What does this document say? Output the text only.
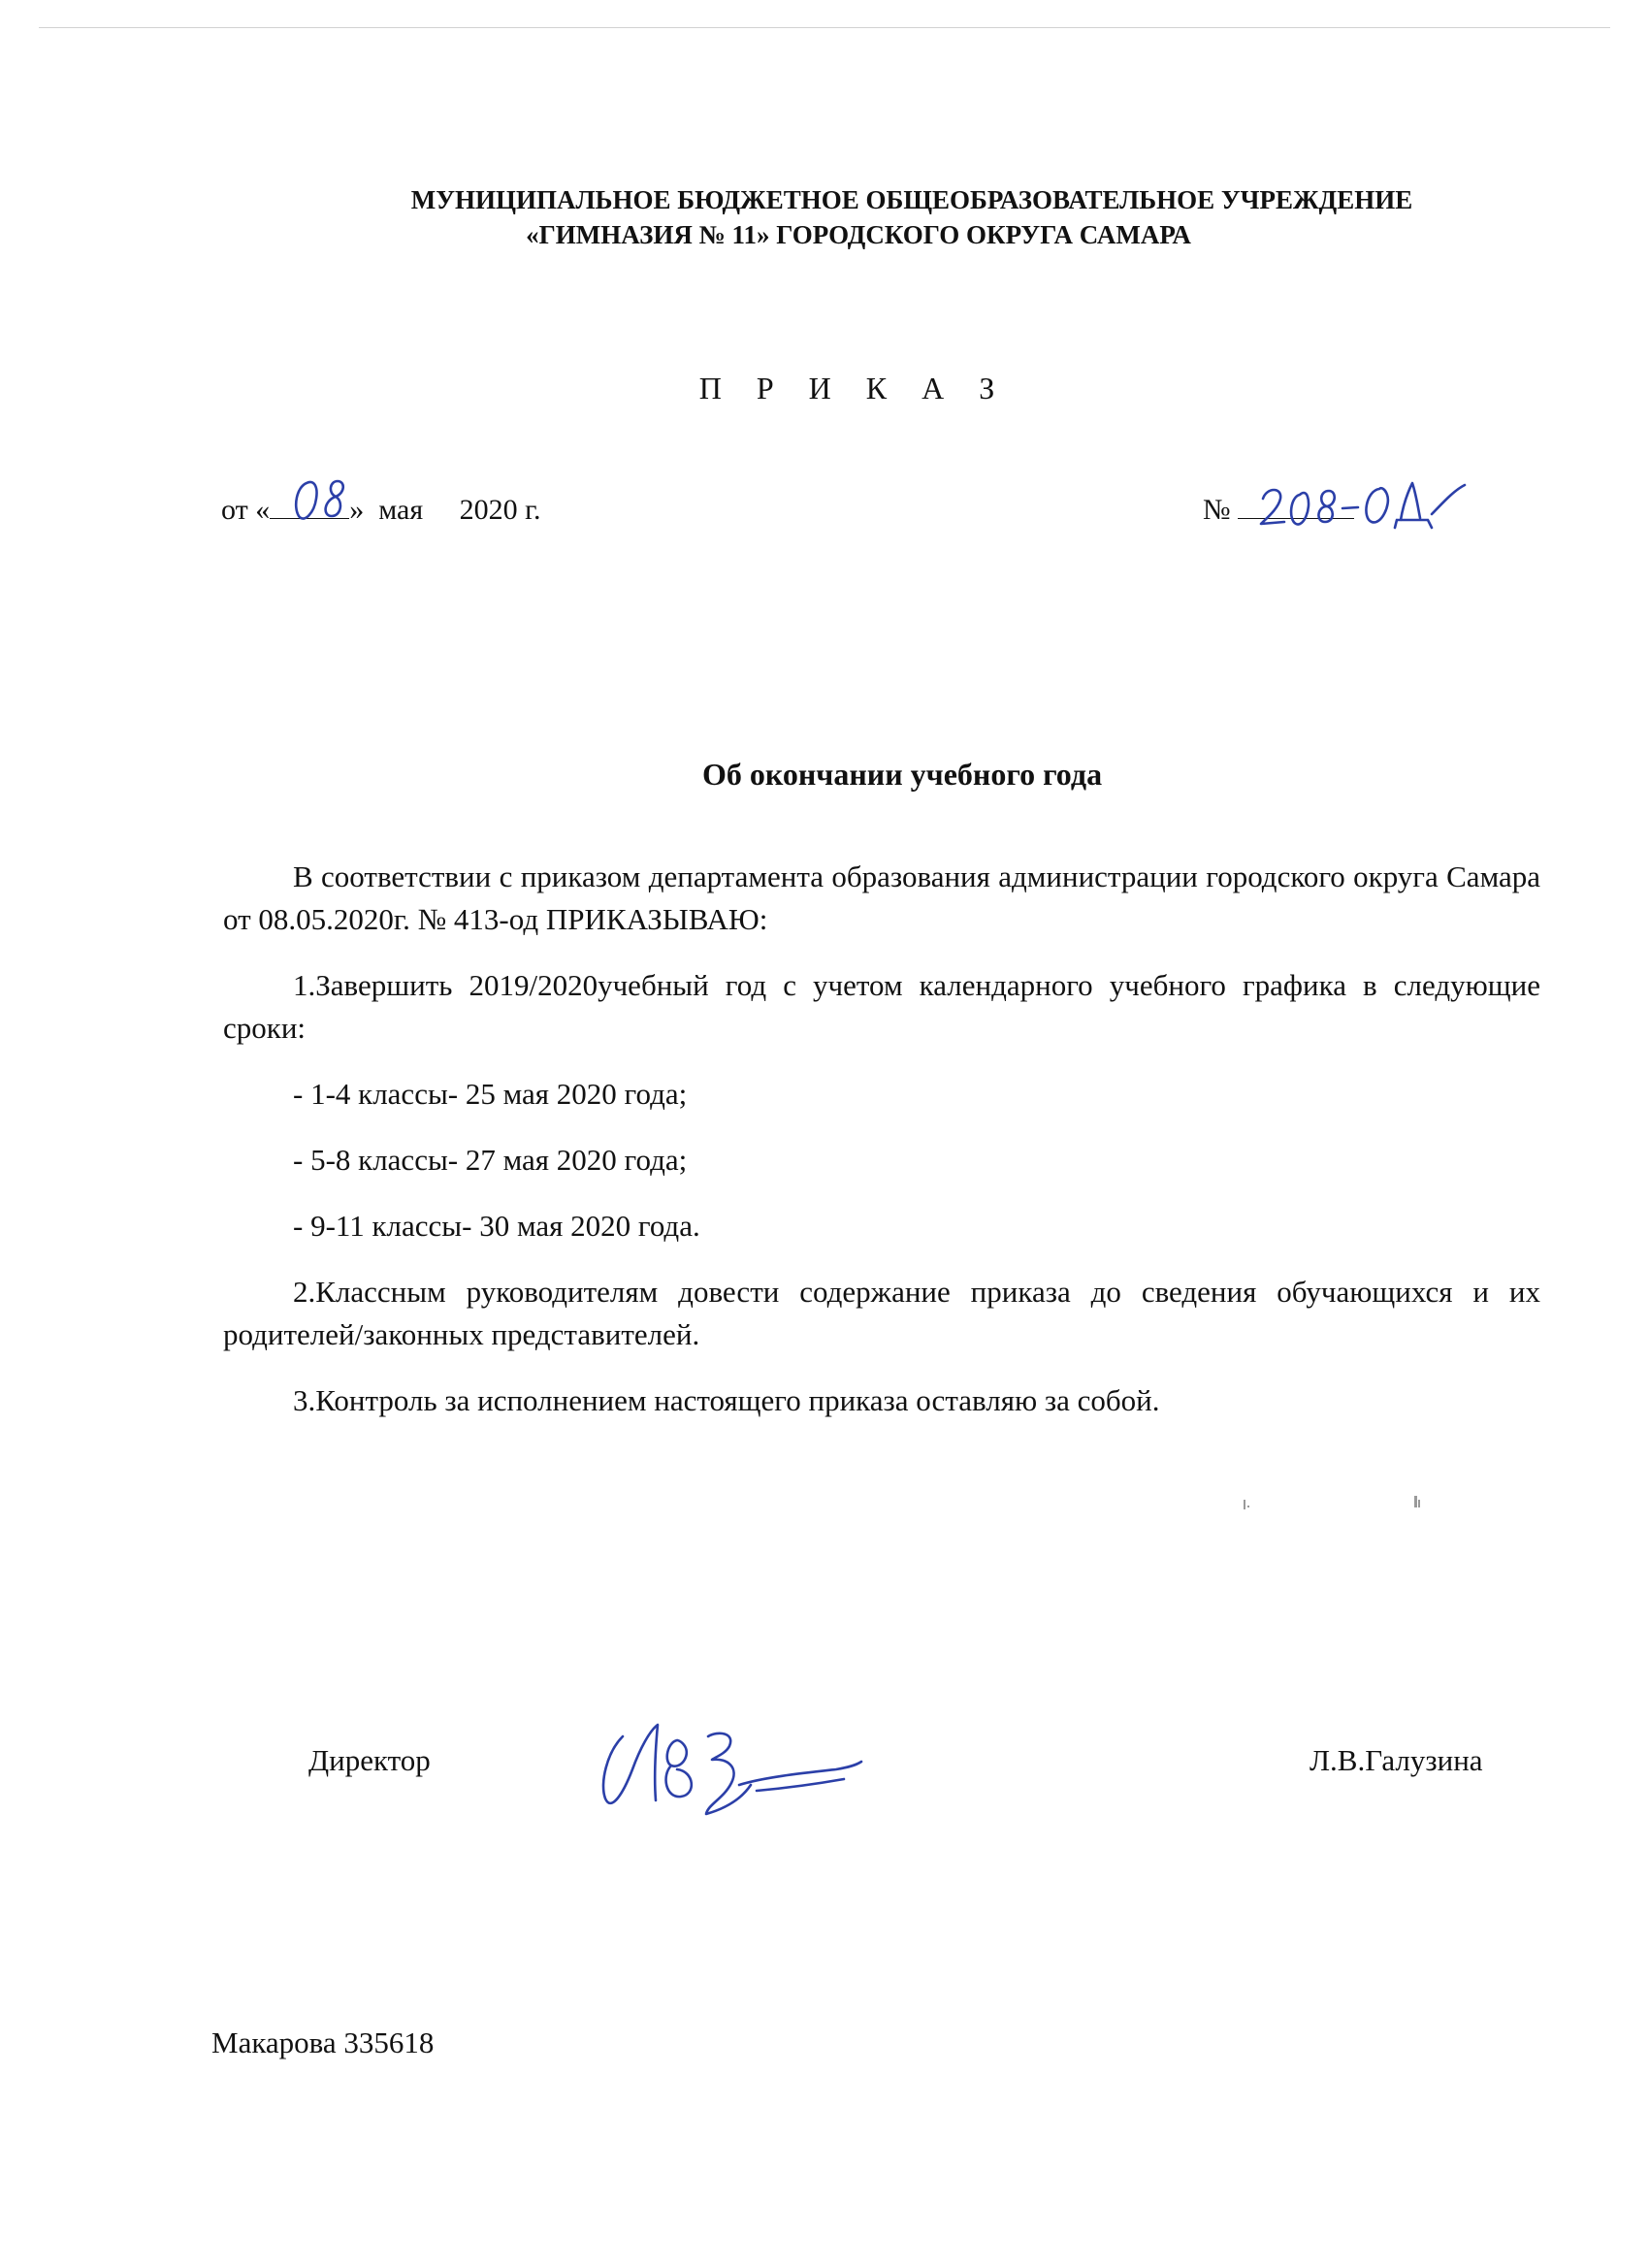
МУНИЦИПАЛЬНОЕ БЮДЖЕТНОЕ ОБЩЕОБРАЗОВАТЕЛЬНОЕ УЧРЕЖДЕНИЕ
«ГИМНАЗИЯ № 11» ГОРОДСКОГО ОКРУГА САМАРА
П Р И К А З
от «	» мая 2020 г.	№
Об окончании учебного года

В соответствии с приказом департамента образования администрации городского округа Самара от 08.05.2020г. № 413-од ПРИКАЗЫВАЮ:

1.Завершить 2019/2020учебный год с учетом календарного учебного графика в следующие сроки:

- 1-4 классы- 25 мая 2020 года;

- 5-8 классы- 27 мая 2020 года;

- 9-11 классы- 30 мая 2020 года.

2.Классным руководителям довести содержание приказа до сведения обучающихся и их родителей/законных представителей.

3.Контроль за исполнением настоящего приказа оставляю за собой.

Директор	Л.В.Галузина
Макарова 335618
